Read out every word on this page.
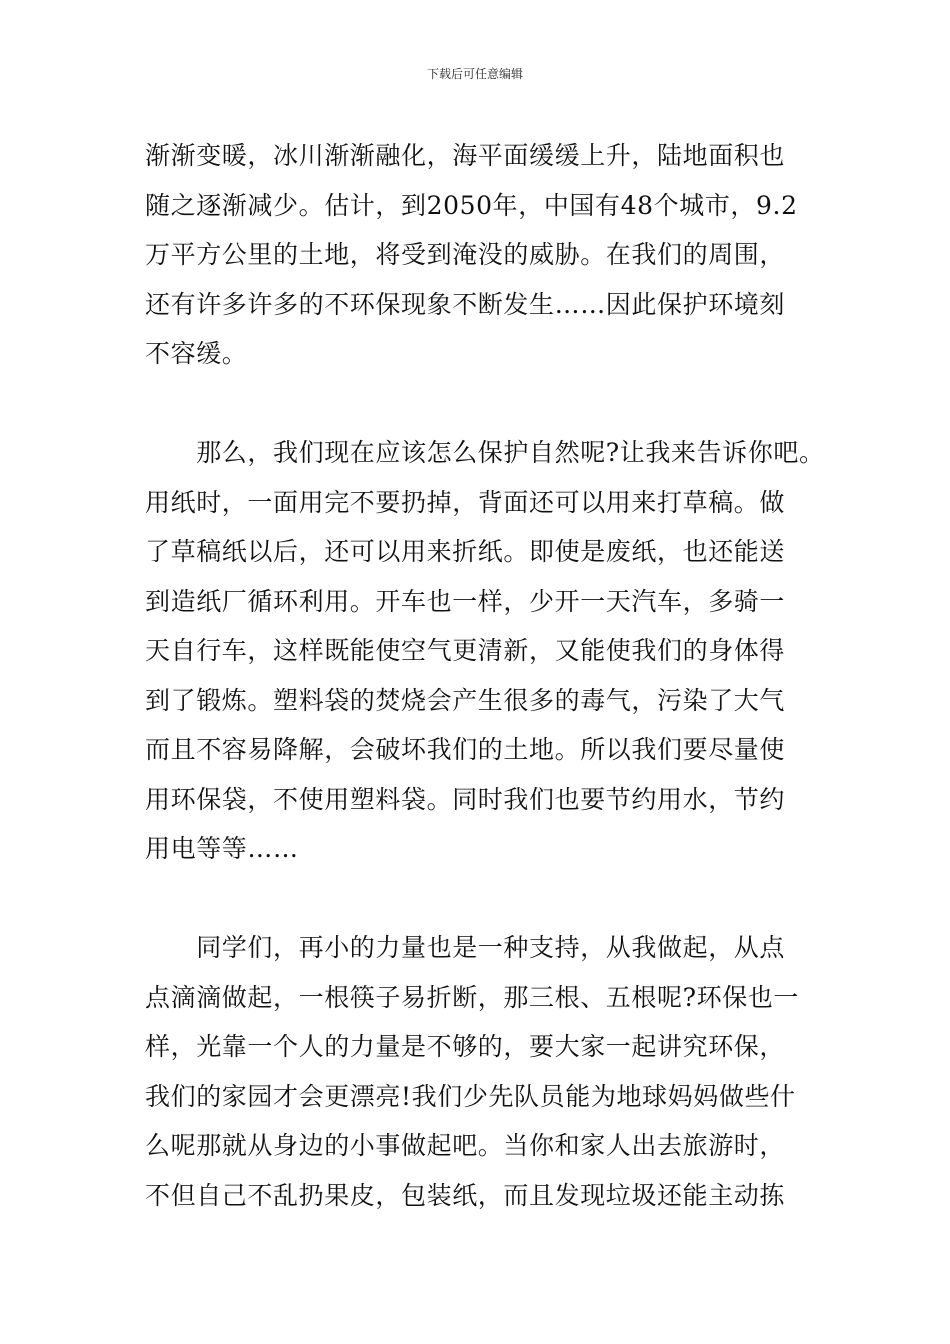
下载后可任意编辑
渐渐变暖，冰川渐渐融化，海平面缓缓上升，陆地面积也
随之逐渐减少。估计，到2050年，中国有48个城市，9.2
万平方公里的土地，将受到淹没的威胁。在我们的周围，
还有许多许多的不环保现象不断发生……因此保护环境刻
不容缓。
　　那么，我们现在应该怎么保护自然呢?让我来告诉你吧。
用纸时，一面用完不要扔掉，背面还可以用来打草稿。做
了草稿纸以后，还可以用来折纸。即使是废纸，也还能送
到造纸厂循环利用。开车也一样，少开一天汽车，多骑一
天自行车，这样既能使空气更清新，又能使我们的身体得
到了锻炼。塑料袋的焚烧会产生很多的毒气，污染了大气
而且不容易降解，会破坏我们的土地。所以我们要尽量使
用环保袋，不使用塑料袋。同时我们也要节约用水，节约
用电等等……
　　同学们，再小的力量也是一种支持，从我做起，从点
点滴滴做起，一根筷子易折断，那三根、五根呢?环保也一
样，光靠一个人的力量是不够的，要大家一起讲究环保，
我们的家园才会更漂亮!我们少先队员能为地球妈妈做些什
么呢那就从身边的小事做起吧。当你和家人出去旅游时，
不但自己不乱扔果皮，包装纸，而且发现垃圾还能主动拣
